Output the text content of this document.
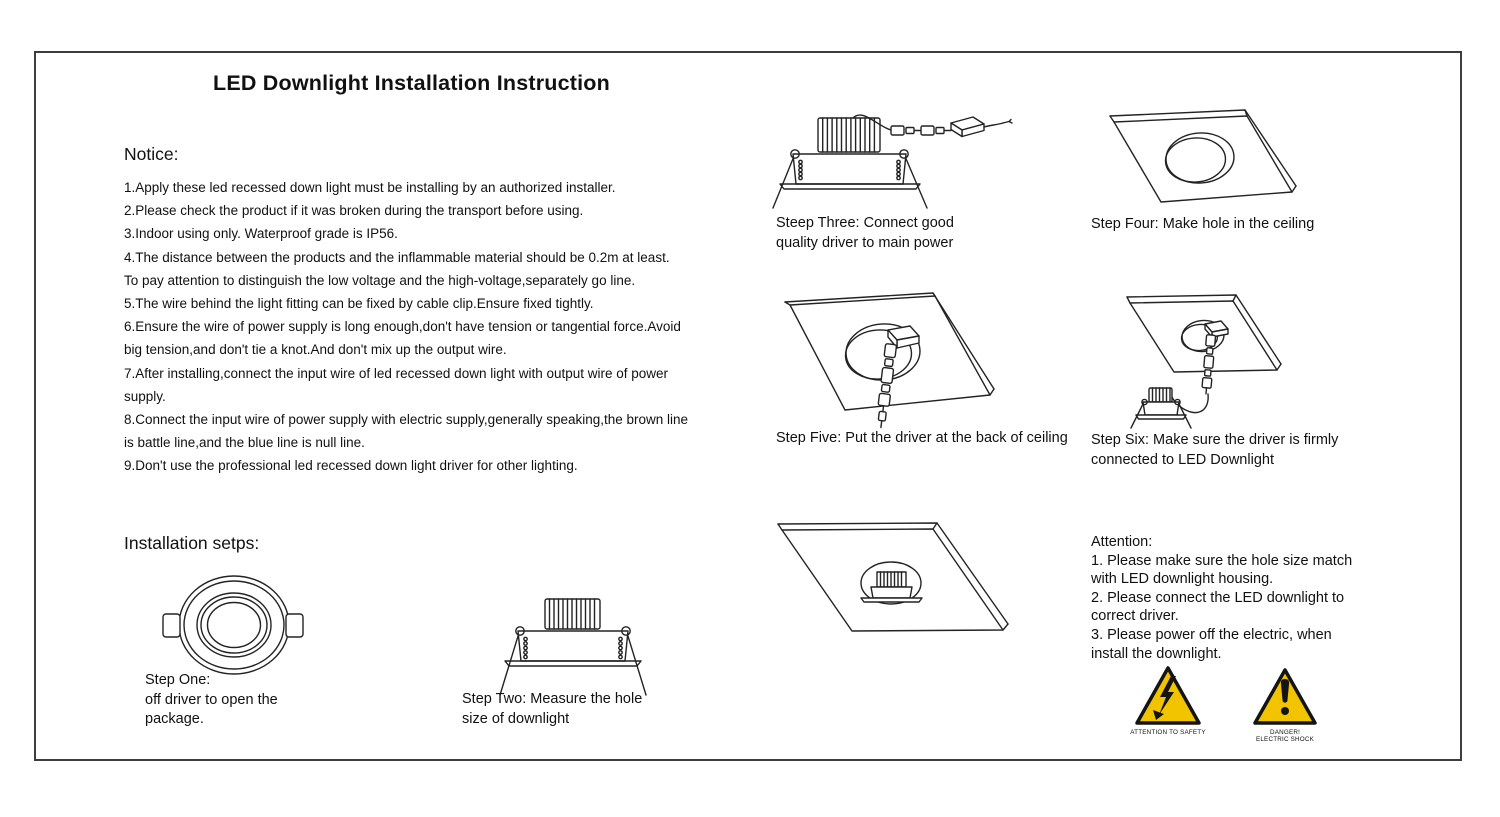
LED Downlight Installation Instruction
Notice:
1.Apply these led recessed down light must be installing by an authorized installer.
2.Please check the product if it was broken during the transport before using.
3.Indoor using only. Waterproof grade is IP56.
4.The distance between the products and the inflammable material should be 0.2m at least.
To pay attention to distinguish the low voltage and the high-voltage,separately go line.
5.The wire behind the light fitting can be fixed by cable clip.Ensure fixed tightly.
6.Ensure the wire of power supply is long enough,don't have tension or tangential force.Avoid
big tension,and don't tie a knot.And don't mix up the output wire.
7.After installing,connect the input wire of led recessed down light with output wire of power
supply.
8.Connect the input wire of power supply with electric supply,generally speaking,the brown line
is battle line,and the blue line is null line.
9.Don't use the professional led recessed down light driver for other lighting.
Installation setps:
Step One:
off driver to open the
package.
Step Two: Measure the hole
size of downlight
Steep Three: Connect good
quality driver to main power
Step Four: Make hole in the ceiling
Step Five: Put the driver at the back of ceiling Step Six: Make sure the driver is firmly
connected to LED Downlight
Attention:
1. Please make sure the hole size match
with LED downlight housing.
2. Please connect the LED downlight to
correct driver.
3. Please power off the electric, when
install the downlight.
ATTENTION TO SAFETY	DANGER!
ELECTRIC SHOCK
